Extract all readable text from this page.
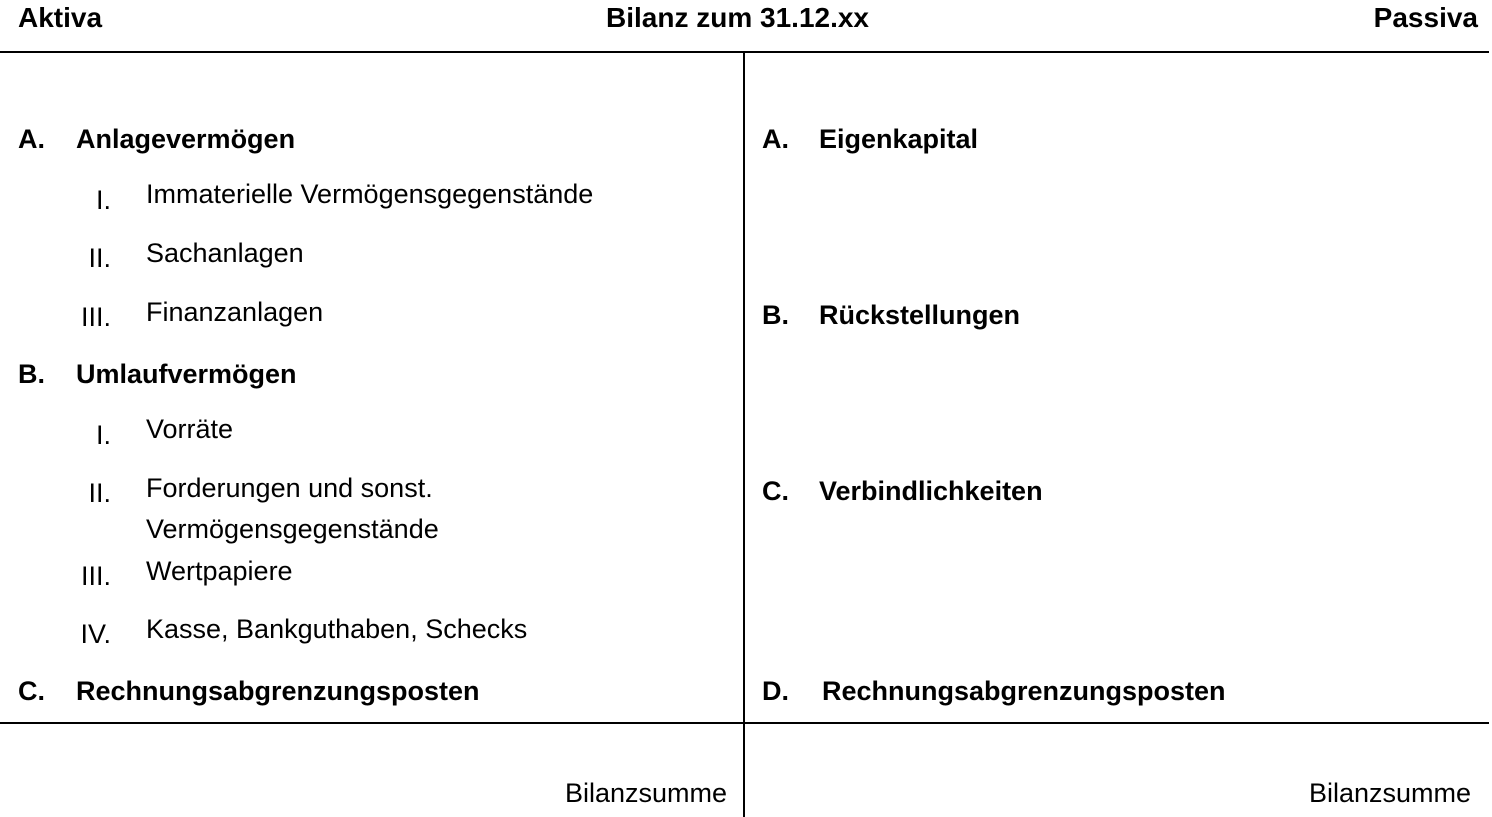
Aktiva	Bilanz zum 31.12.xx	Passiva
A. Anlagevermögen
I. Immaterielle Vermögensgegenstände
II. Sachanlagen
III. Finanzanlagen
B. Umlaufvermögen
I. Vorräte
II. Forderungen und sonst.
Vermögensgegenstände
III. Wertpapiere
IV. Kasse, Bankguthaben, Schecks
C. Rechnungsabgrenzungsposten
Bilanzsumme
A. Eigenkapital
B. Rückstellungen
C. Verbindlichkeiten
D. Rechnungsabgrenzungsposten
Bilanzsumme
